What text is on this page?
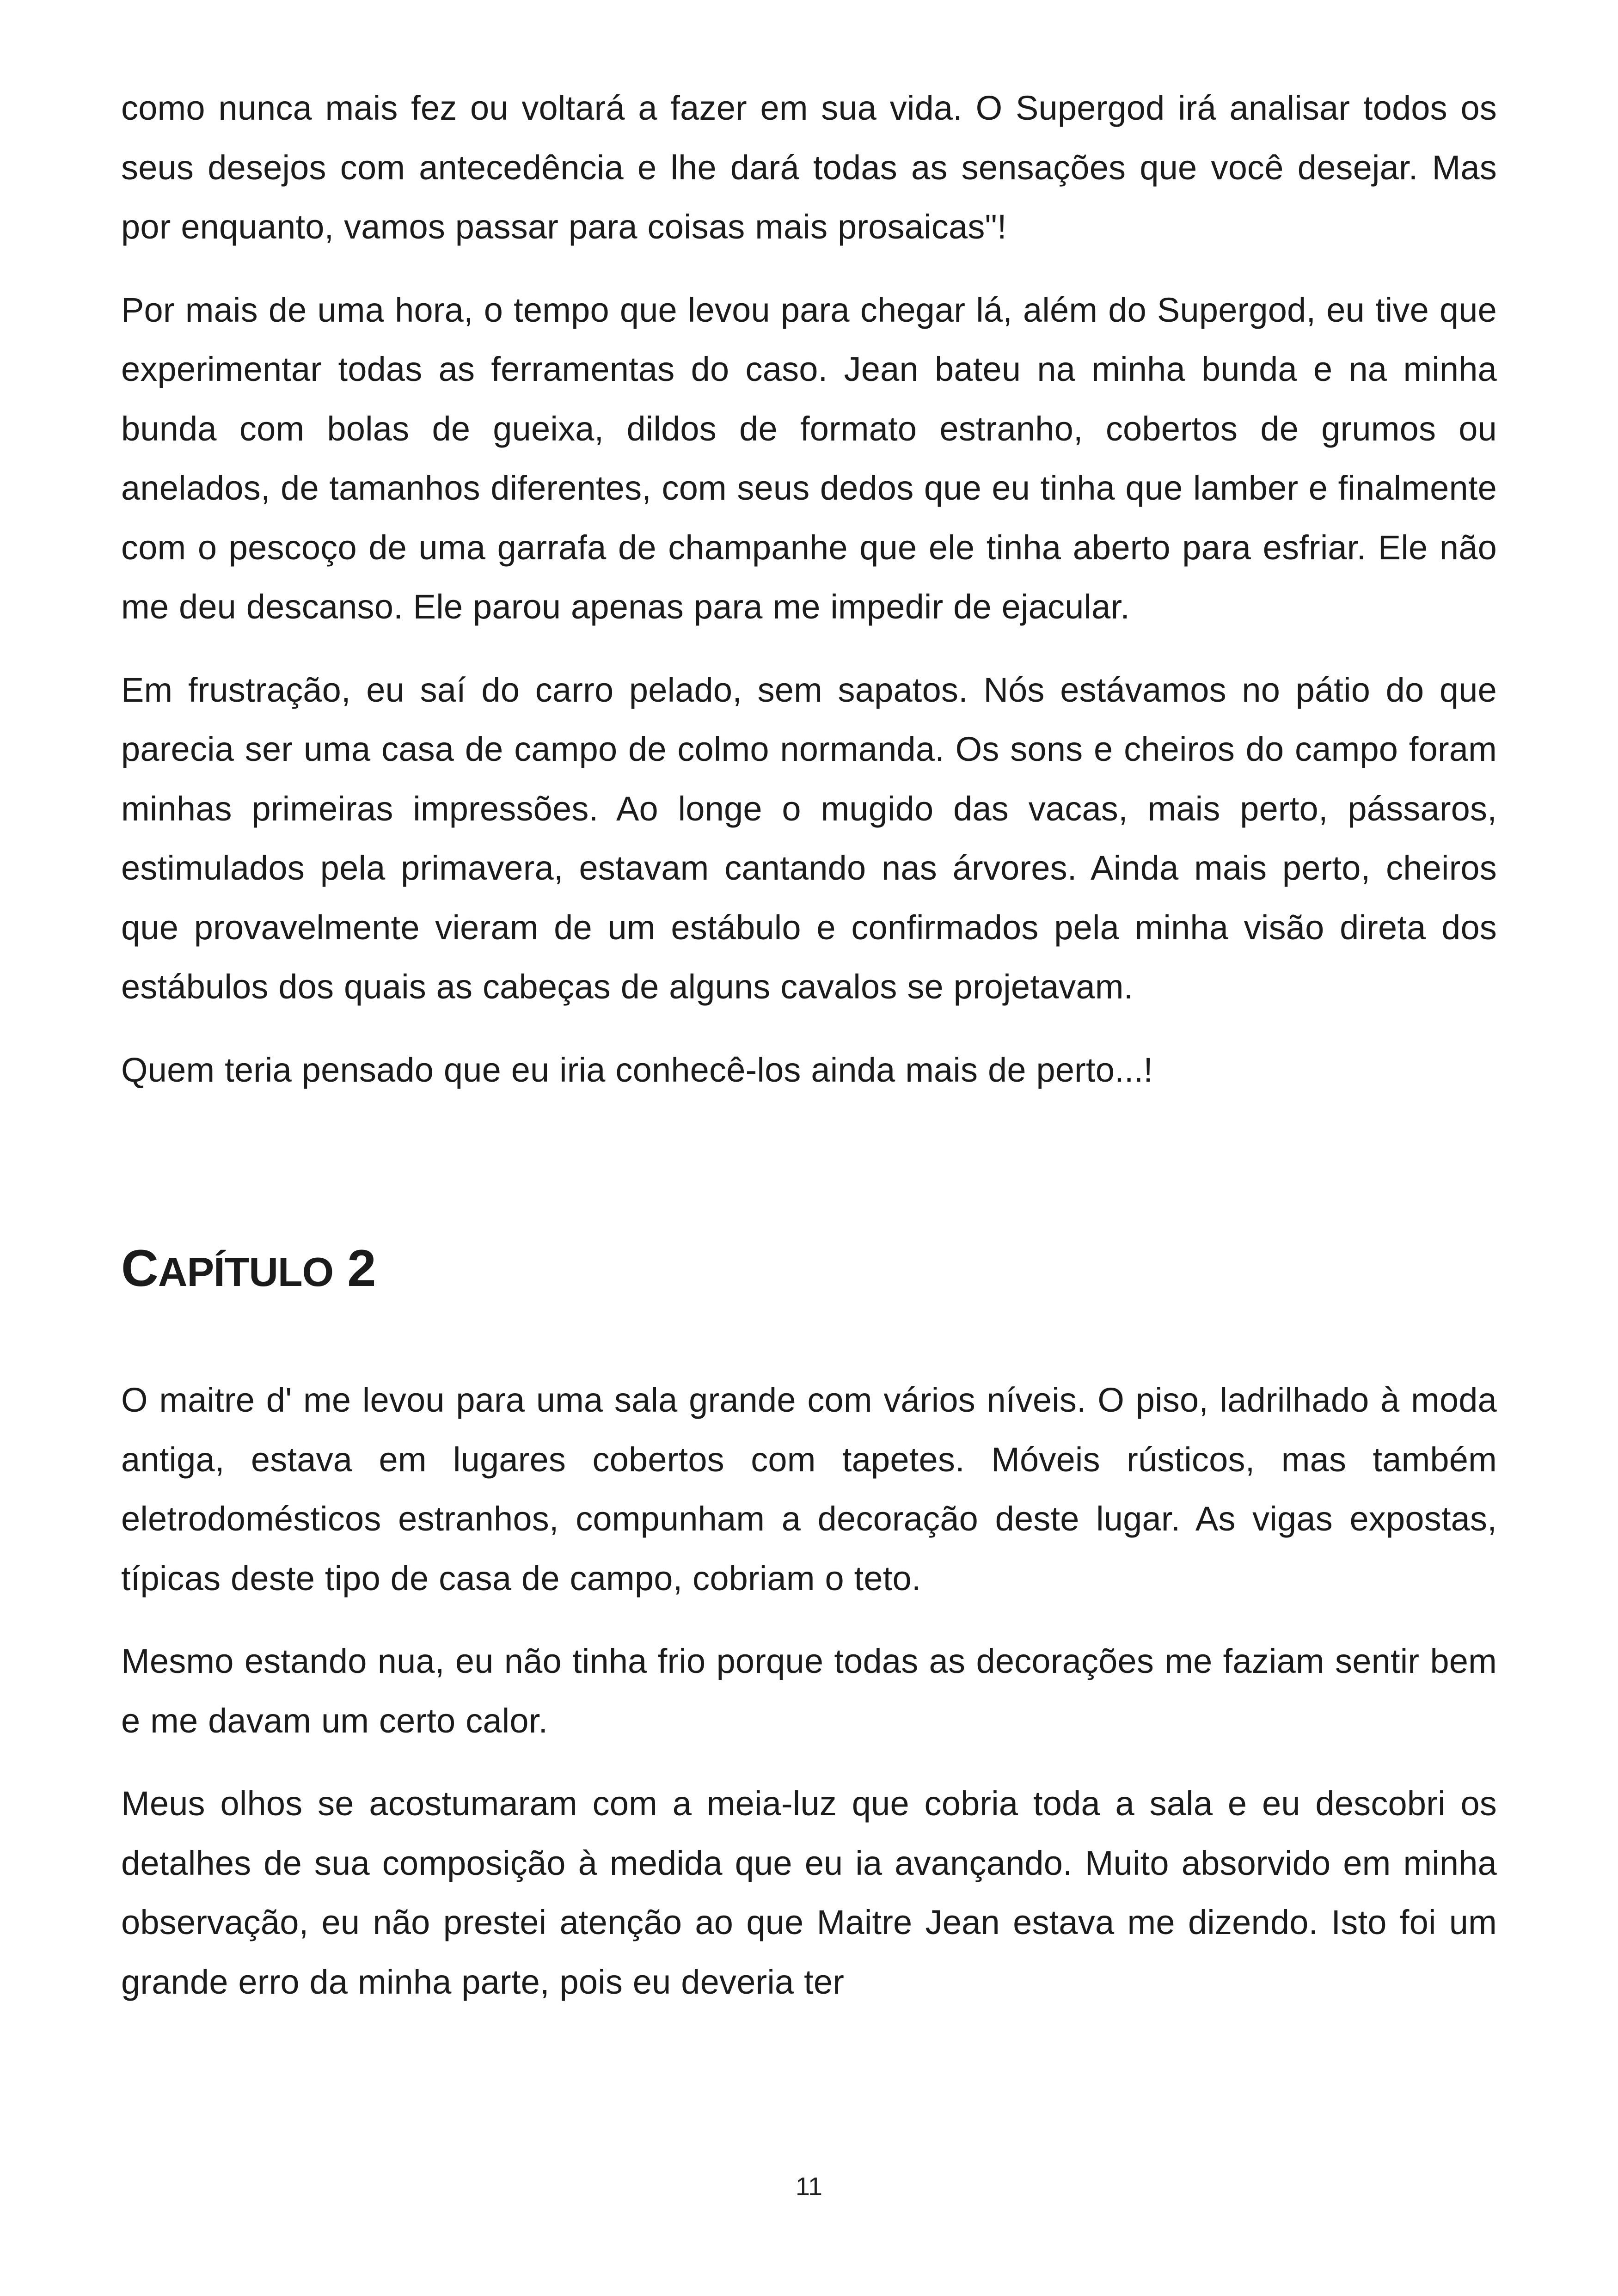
como nunca mais fez ou voltará a fazer em sua vida. O Supergod irá analisar todos os seus desejos com antecedência e lhe dará todas as sensações que você desejar. Mas por enquanto, vamos passar para coisas mais prosaicas"!

Por mais de uma hora, o tempo que levou para chegar lá, além do Supergod, eu tive que experimentar todas as ferramentas do caso. Jean bateu na minha bunda e na minha bunda com bolas de gueixa, dildos de formato estranho, cobertos de grumos ou anelados, de tamanhos diferentes, com seus dedos que eu tinha que lamber e finalmente com o pescoço de uma garrafa de champanhe que ele tinha aberto para esfriar. Ele não me deu descanso. Ele parou apenas para me impedir de ejacular.

Em frustração, eu saí do carro pelado, sem sapatos. Nós estávamos no pátio do que parecia ser uma casa de campo de colmo normanda. Os sons e cheiros do campo foram minhas primeiras impressões. Ao longe o mugido das vacas, mais perto, pássaros, estimulados pela primavera, estavam cantando nas árvores. Ainda mais perto, cheiros que provavelmente vieram de um estábulo e confirmados pela minha visão direta dos estábulos dos quais as cabeças de alguns cavalos se projetavam.

Quem teria pensado que eu iria conhecê-los ainda mais de perto...!

CAPÍTULO 2

O maitre d' me levou para uma sala grande com vários níveis. O piso, ladrilhado à moda antiga, estava em lugares cobertos com tapetes. Móveis rústicos, mas também eletrodomésticos estranhos, compunham a decoração deste lugar. As vigas expostas, típicas deste tipo de casa de campo, cobriam o teto.

Mesmo estando nua, eu não tinha frio porque todas as decorações me faziam sentir bem e me davam um certo calor.

Meus olhos se acostumaram com a meia-luz que cobria toda a sala e eu descobri os detalhes de sua composição à medida que eu ia avançando. Muito absorvido em minha observação, eu não prestei atenção ao que Maitre Jean estava me dizendo. Isto foi um grande erro da minha parte, pois eu deveria ter

11
